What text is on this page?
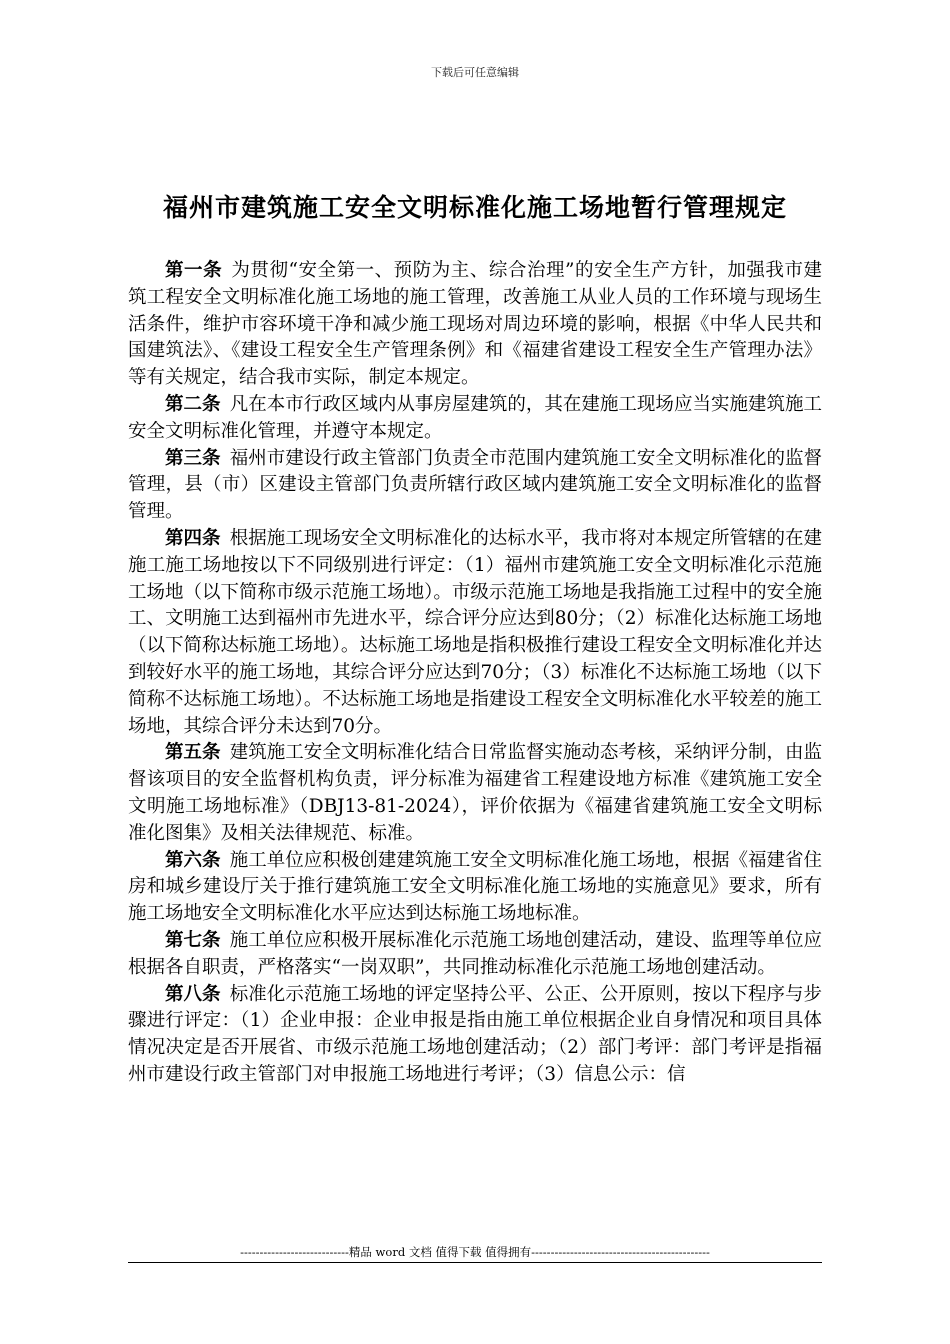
下载后可任意编辑
福州市建筑施工安全文明标准化施工场地暂行管理规定

第一条 为贯彻“安全第一、预防为主、综合治理”的安全生产方针，加强我市建筑工程安全文明标准化施工场地的施工管理，改善施工从业人员的工作环境与现场生活条件，维护市容环境干净和减少施工现场对周边环境的影响，根据《中华人民共和国建筑法》、《建设工程安全生产管理条例》和《福建省建设工程安全生产管理办法》等有关规定，结合我市实际，制定本规定。

第二条 凡在本市行政区域内从事房屋建筑的，其在建施工现场应当实施建筑施工安全文明标准化管理，并遵守本规定。

第三条 福州市建设行政主管部门负责全市范围内建筑施工安全文明标准化的监督管理，县（市）区建设主管部门负责所辖行政区域内建筑施工安全文明标准化的监督管理。

第四条 根据施工现场安全文明标准化的达标水平，我市将对本规定所管辖的在建施工施工场地按以下不同级别进行评定：（1）福州市建筑施工安全文明标准化示范施工场地（以下简称市级示范施工场地）。市级示范施工场地是我指施工过程中的安全施工、文明施工达到福州市先进水平，综合评分应达到80分；（2）标准化达标施工场地（以下简称达标施工场地）。达标施工场地是指积极推行建设工程安全文明标准化并达到较好水平的施工场地，其综合评分应达到70分；（3）标准化不达标施工场地（以下简称不达标施工场地）。不达标施工场地是指建设工程安全文明标准化水平较差的施工场地，其综合评分未达到70分。

第五条 建筑施工安全文明标准化结合日常监督实施动态考核，采纳评分制，由监督该项目的安全监督机构负责，评分标准为福建省工程建设地方标准《建筑施工安全文明施工场地标准》（DBJ13-81-2024），评价依据为《福建省建筑施工安全文明标准化图集》及相关法律规范、标准。

第六条 施工单位应积极创建建筑施工安全文明标准化施工场地，根据《福建省住房和城乡建设厅关于推行建筑施工安全文明标准化施工场地的实施意见》要求，所有施工场地安全文明标准化水平应达到达标施工场地标准。

第七条 施工单位应积极开展标准化示范施工场地创建活动，建设、监理等单位应根据各自职责，严格落实“一岗双职”，共同推动标准化示范施工场地创建活动。

第八条 标准化示范施工场地的评定坚持公平、公正、公开原则，按以下程序与步骤进行评定：（1）企业申报：企业申报是指由施工单位根据企业自身情况和项目具体情况决定是否开展省、市级示范施工场地创建活动；（2）部门考评：部门考评是指福州市建设行政主管部门对申报施工场地进行考评；（3）信息公示：信

----------------------------精品 word 文档 值得下载 值得拥有----------------------------------------------
